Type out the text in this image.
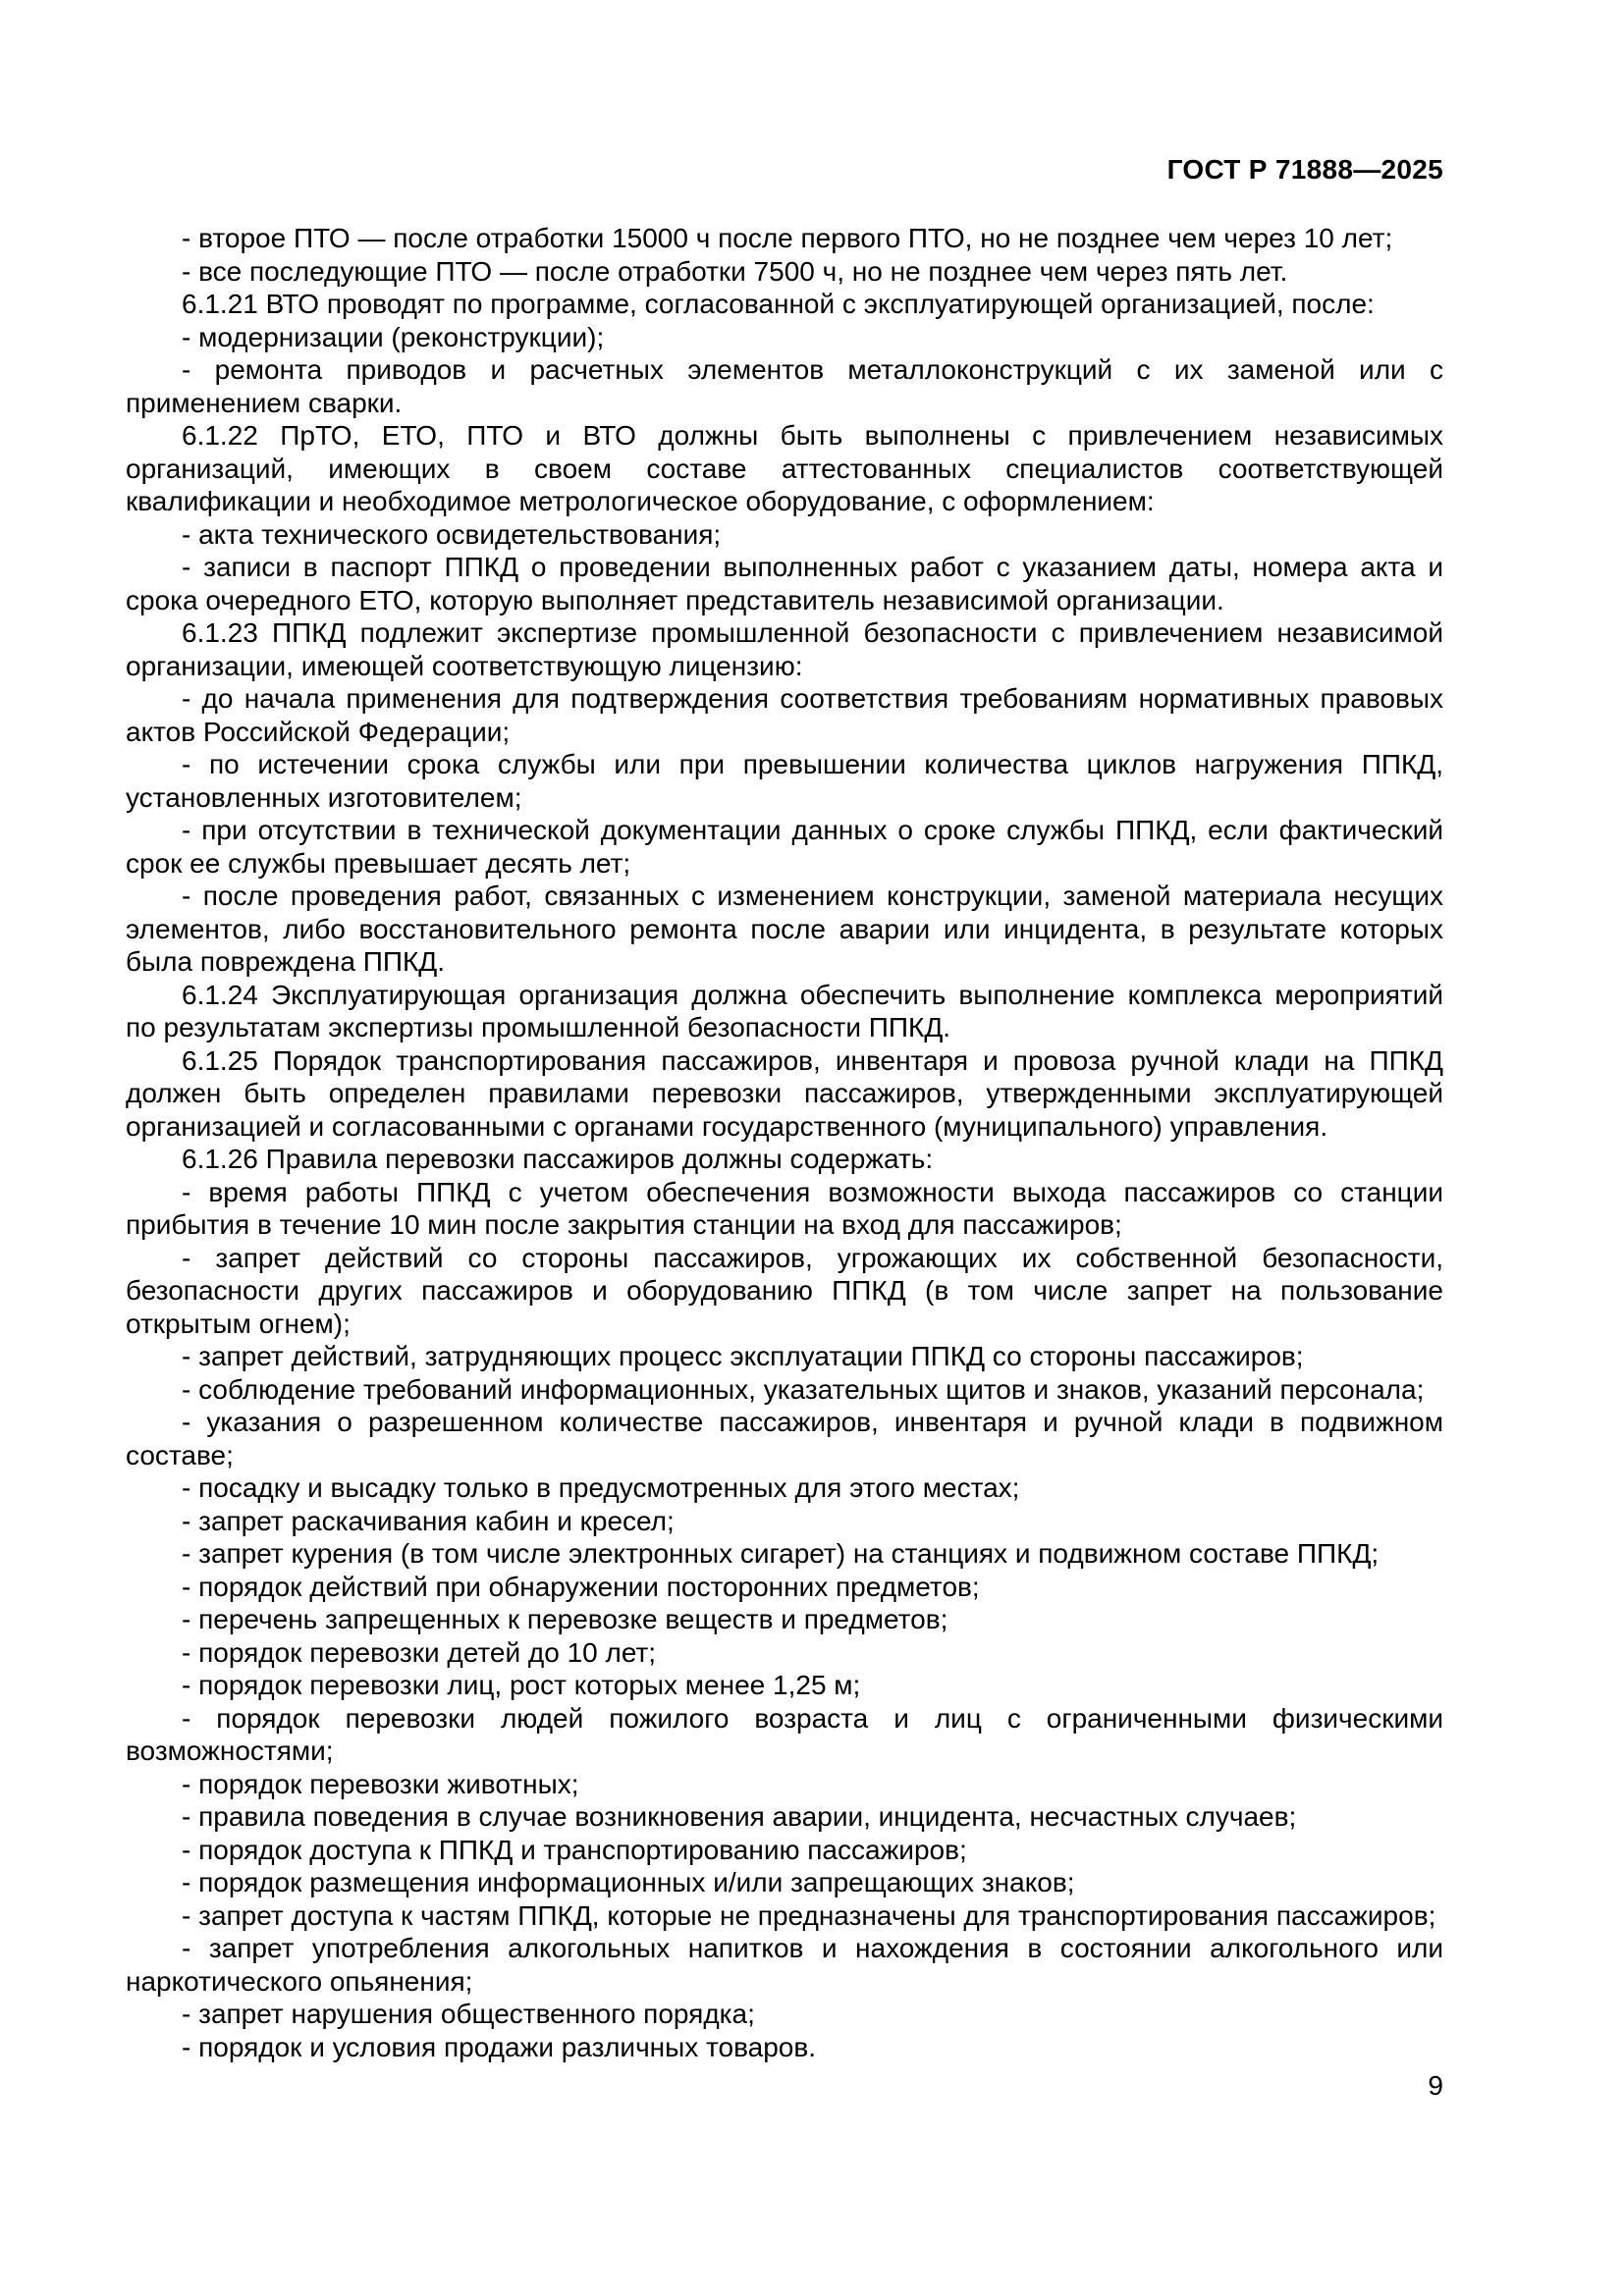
ГОСТ Р 71888—2025

- второе ПТО — после отработки 15000 ч после первого ПТО, но не позднее чем через 10 лет;

- все последующие ПТО — после отработки 7500 ч, но не позднее чем через пять лет.

6.1.21 ВТО проводят по программе, согласованной с эксплуатирующей организацией, после:

- модернизации (реконструкции);

- ремонта приводов и расчетных элементов металлоконструкций с их заменой или с применением сварки.

6.1.22 ПрТО, ЕТО, ПТО и ВТО должны быть выполнены с привлечением независимых организаций, имеющих в своем составе аттестованных специалистов соответствующей квалификации и необходимое метрологическое оборудование, с оформлением:

- акта технического освидетельствования;

- записи в паспорт ППКД о проведении выполненных работ с указанием даты, номера акта и срока очередного ЕТО, которую выполняет представитель независимой организации.

6.1.23 ППКД подлежит экспертизе промышленной безопасности с привлечением независимой организации, имеющей соответствующую лицензию:

- до начала применения для подтверждения соответствия требованиям нормативных правовых актов Российской Федерации;

- по истечении срока службы или при превышении количества циклов нагружения ППКД, установленных изготовителем;

- при отсутствии в технической документации данных о сроке службы ППКД, если фактический срок ее службы превышает десять лет;

- после проведения работ, связанных с изменением конструкции, заменой материала несущих элементов, либо восстановительного ремонта после аварии или инцидента, в результате которых была повреждена ППКД.

6.1.24 Эксплуатирующая организация должна обеспечить выполнение комплекса мероприятий по результатам экспертизы промышленной безопасности ППКД.

6.1.25 Порядок транспортирования пассажиров, инвентаря и провоза ручной клади на ППКД должен быть определен правилами перевозки пассажиров, утвержденными эксплуатирующей организацией и согласованными с органами государственного (муниципального) управления.

6.1.26 Правила перевозки пассажиров должны содержать:

- время работы ППКД с учетом обеспечения возможности выхода пассажиров со станции прибытия в течение 10 мин после закрытия станции на вход для пассажиров;

- запрет действий со стороны пассажиров, угрожающих их собственной безопасности, безопасности других пассажиров и оборудованию ППКД (в том числе запрет на пользование открытым огнем);

- запрет действий, затрудняющих процесс эксплуатации ППКД со стороны пассажиров;

- соблюдение требований информационных, указательных щитов и знаков, указаний персонала;

- указания о разрешенном количестве пассажиров, инвентаря и ручной клади в подвижном составе;

- посадку и высадку только в предусмотренных для этого местах;

- запрет раскачивания кабин и кресел;

- запрет курения (в том числе электронных сигарет) на станциях и подвижном составе ППКД;

- порядок действий при обнаружении посторонних предметов;

- перечень запрещенных к перевозке веществ и предметов;

- порядок перевозки детей до 10 лет;

- порядок перевозки лиц, рост которых менее 1,25 м;

- порядок перевозки людей пожилого возраста и лиц с ограниченными физическими возможностями;

- порядок перевозки животных;

- правила поведения в случае возникновения аварии, инцидента, несчастных случаев;

- порядок доступа к ППКД и транспортированию пассажиров;

- порядок размещения информационных и/или запрещающих знаков;

- запрет доступа к частям ППКД, которые не предназначены для транспортирования пассажиров;

- запрет употребления алкогольных напитков и нахождения в состоянии алкогольного или наркотического опьянения;

- запрет нарушения общественного порядка;

- порядок и условия продажи различных товаров.

9
